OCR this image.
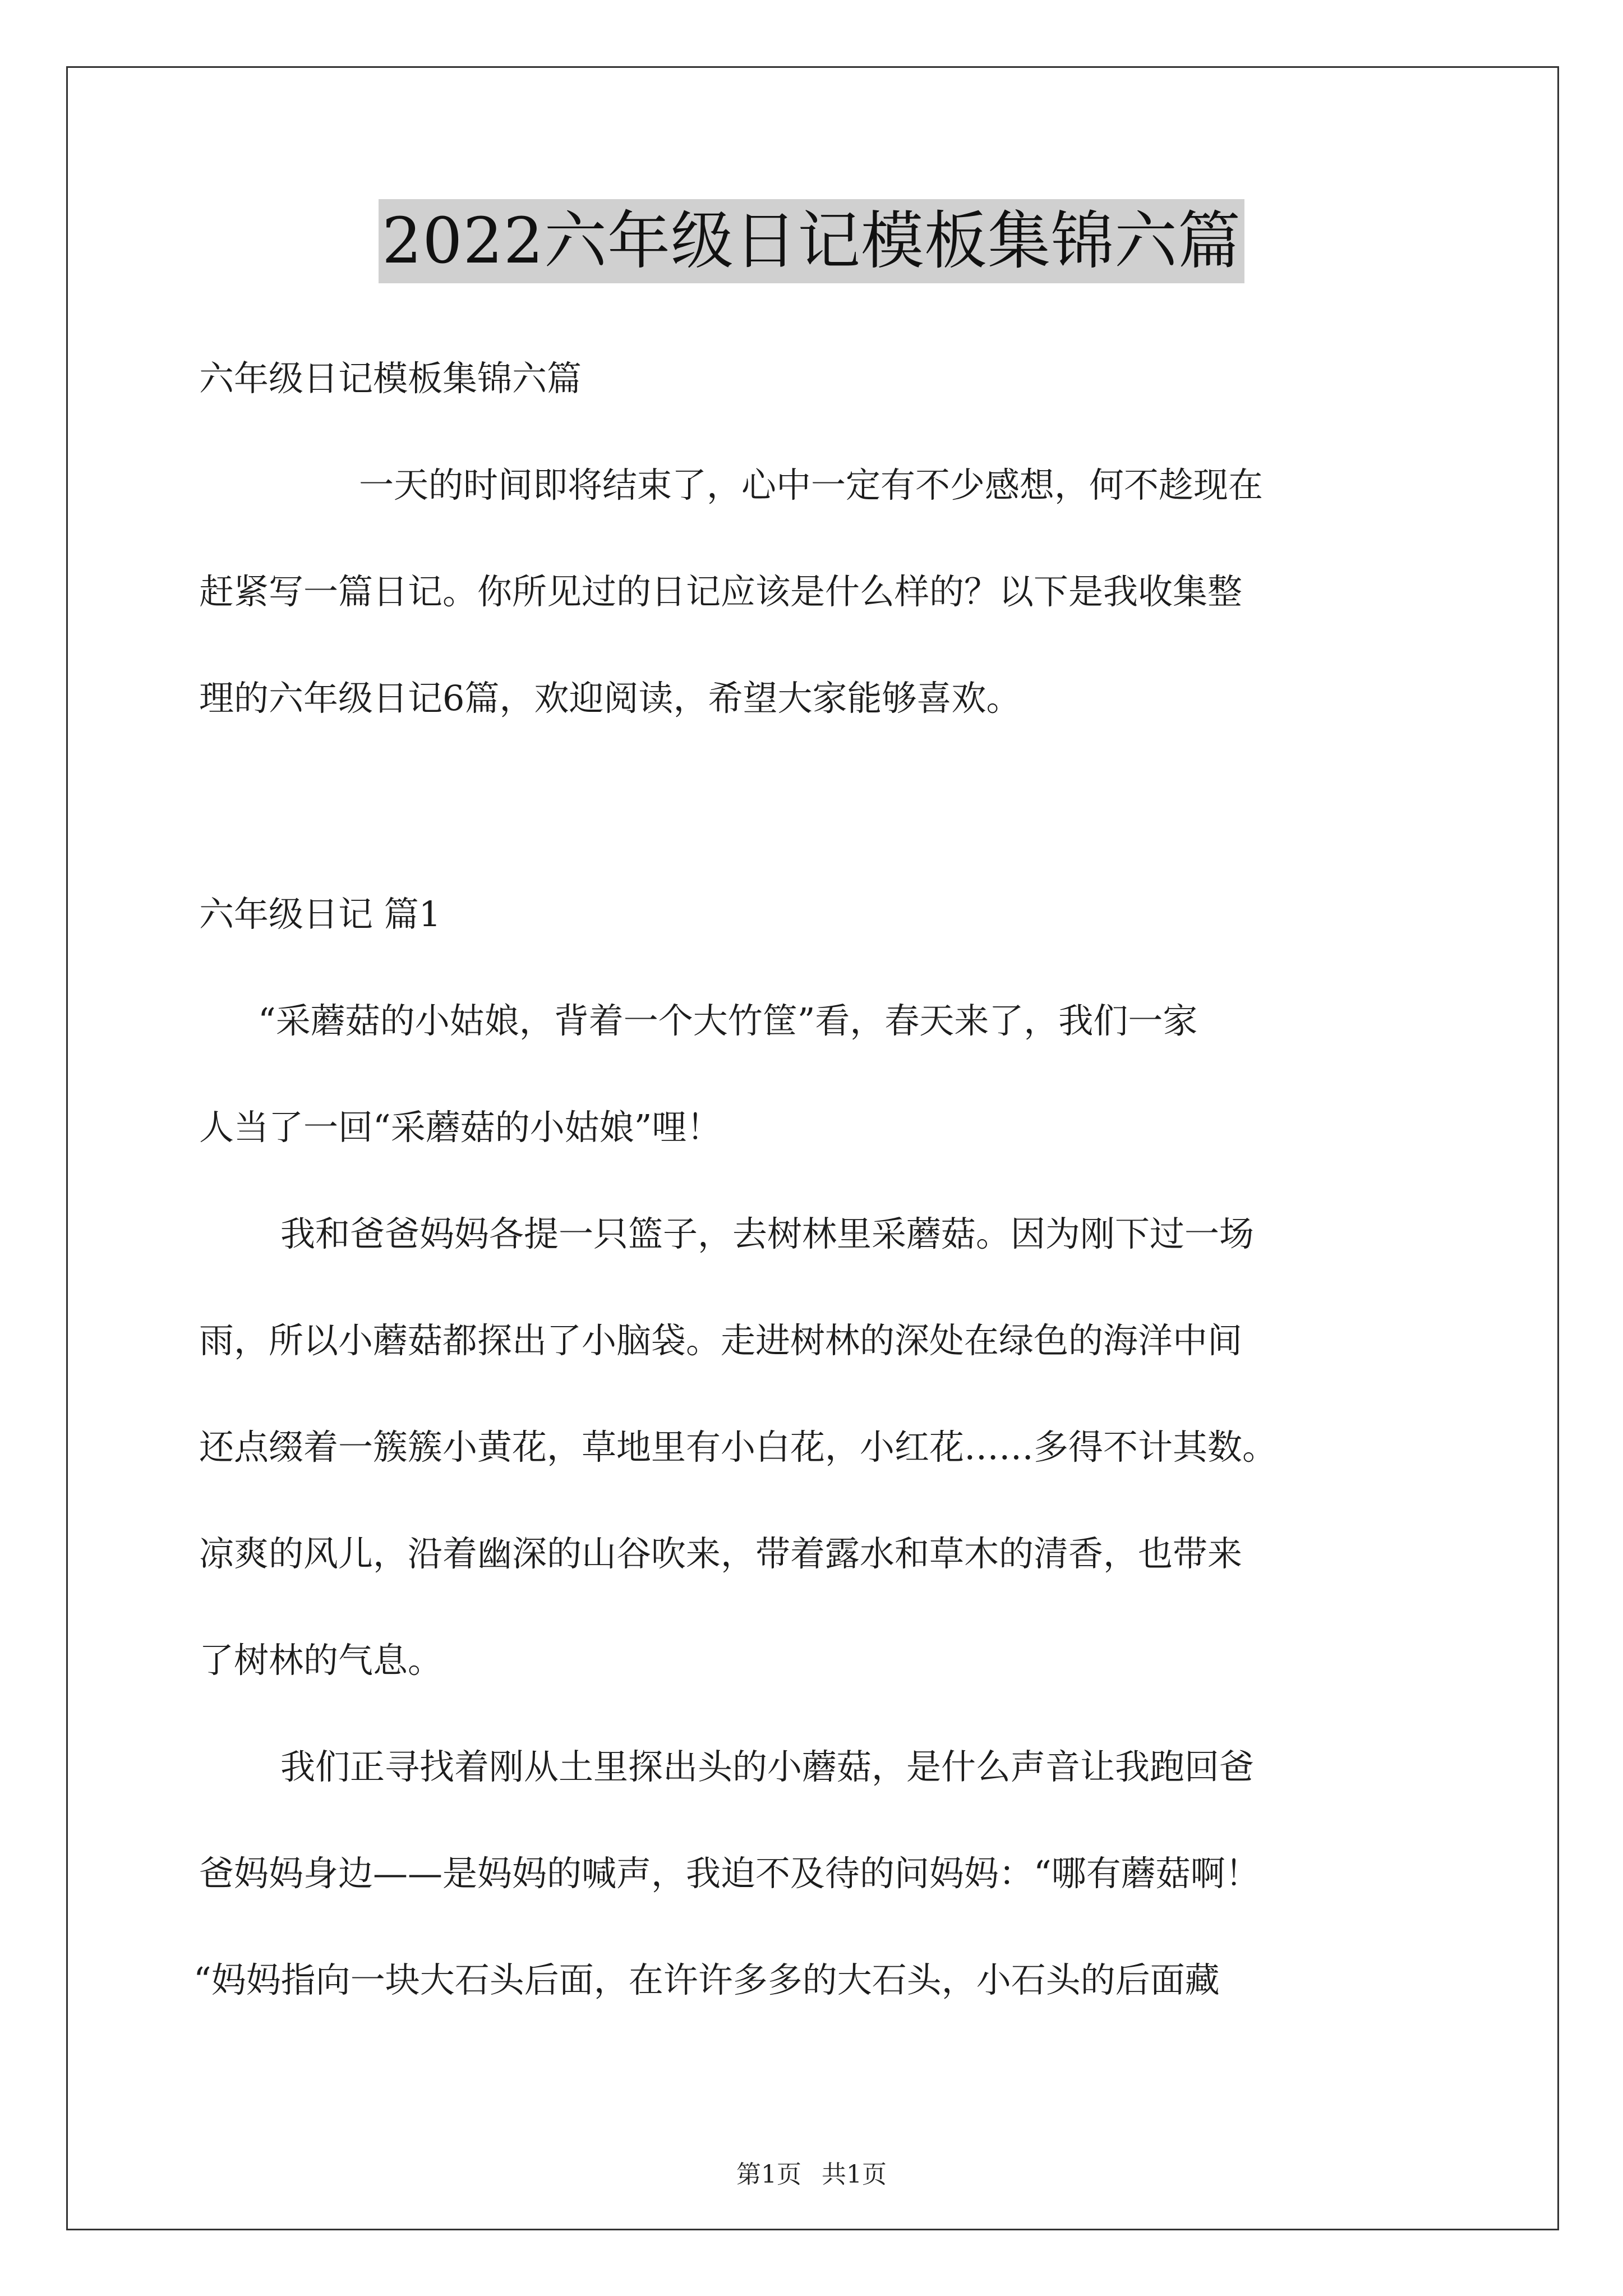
2022六年级日记模板集锦六篇
六年级日记模板集锦六篇
一天的时间即将结束了，心中一定有不少感想，何不趁现在
赶紧写一篇日记。你所见过的日记应该是什么样的？以下是我收集整
理的六年级日记6篇，欢迎阅读，希望大家能够喜欢。
六年级日记 篇1
“采蘑菇的小姑娘，背着一个大竹筐”看，春天来了，我们一家
人当了一回“采蘑菇的小姑娘”哩！
我和爸爸妈妈各提一只篮子，去树林里采蘑菇。因为刚下过一场
雨，所以小蘑菇都探出了小脑袋。走进树林的深处在绿色的海洋中间
还点缀着一簇簇小黄花，草地里有小白花，小红花……多得不计其数。
凉爽的风儿，沿着幽深的山谷吹来，带着露水和草木的清香，也带来
了树林的气息。
我们正寻找着刚从土里探出头的小蘑菇，是什么声音让我跑回爸
爸妈妈身边——是妈妈的喊声，我迫不及待的问妈妈：“哪有蘑菇啊！
“妈妈指向一块大石头后面，在许许多多的大石头，小石头的后面藏
第1页 共1页
